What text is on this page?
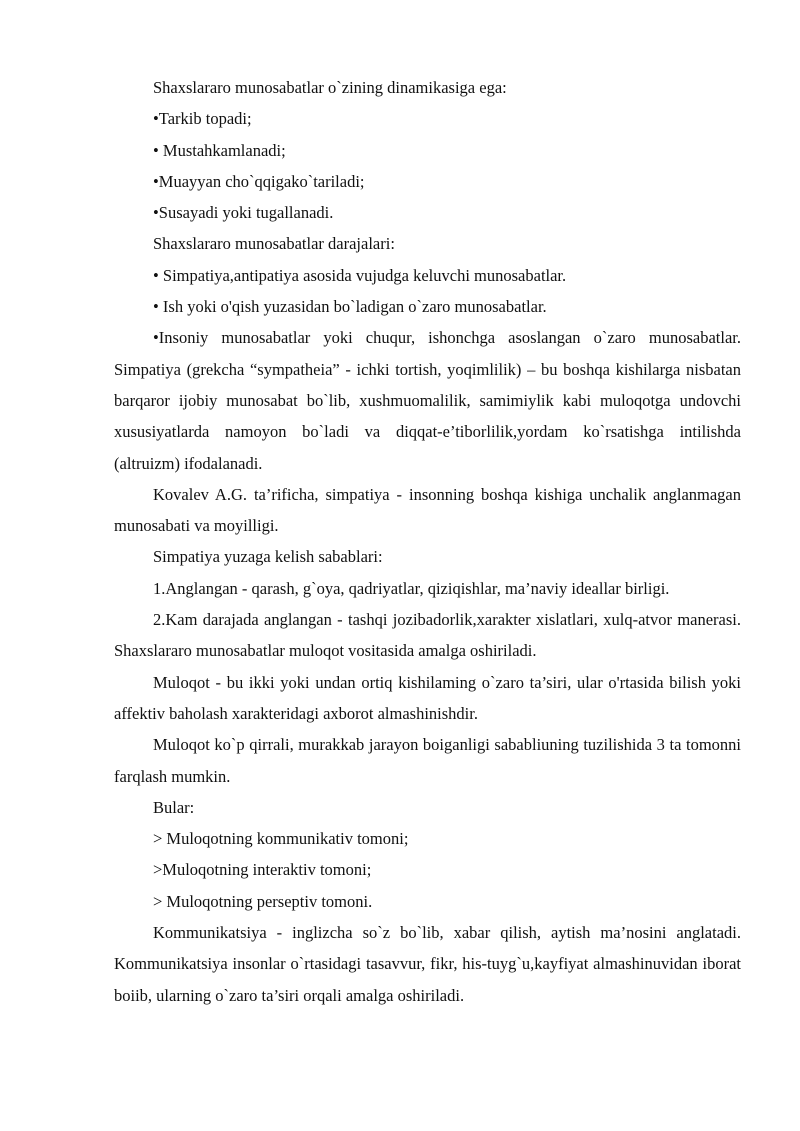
Shaxslararo munosabatlar o`zining dinamikasiga ega:

•Tarkib topadi;

• Mustahkamlanadi;

•Muayyan cho`qqigako`tariladi;

•Susayadi yoki tugallanadi.

Shaxslararo munosabatlar darajalari:

• Simpatiya,antipatiya asosida vujudga keluvchi munosabatlar.

• Ish yoki o'qish yuzasidan bo`ladigan o`zaro munosabatlar.

•Insoniy munosabatlar yoki chuqur, ishonchga asoslangan o`zaro munosabatlar. Simpatiya (grekcha “sympatheia” - ichki tortish, yoqimlilik) – bu boshqa kishilarga nisbatan barqaror ijobiy munosabat bo`lib, xushmuomalilik, samimiylik kabi muloqotga undovchi xususiyatlarda namoyon bo`ladi va diqqat-e’tiborlilik,yordam ko`rsatishga intilishda (altruizm) ifodalanadi.

Kovalev A.G. ta’rificha, simpatiya - insonning boshqa kishiga unchalik anglanmagan munosabati va moyilligi.

Simpatiya yuzaga kelish sabablari:

1.Anglangan - qarash, g`oya, qadriyatlar, qiziqishlar, ma’naviy ideallar birligi.

2.Kam darajada anglangan - tashqi jozibadorlik,xarakter xislatlari, xulq-atvor manerasi. Shaxslararo munosabatlar muloqot vositasida amalga oshiriladi.

Muloqot - bu ikki yoki undan ortiq kishilaming o`zaro ta’siri, ular o'rtasida bilish yoki affektiv baholash xarakteridagi axborot almashinishdir.

Muloqot ko`p qirrali, murakkab jarayon boiganligi sababliuning tuzilishida 3 ta tomonni farqlash mumkin.

Bular:

> Muloqotning kommunikativ tomoni;

>Muloqotning interaktiv tomoni;

> Muloqotning perseptiv tomoni.

Kommunikatsiya - inglizcha so`z bo`lib, xabar qilish, aytish ma’nosini anglatadi. Kommunikatsiya insonlar o`rtasidagi tasavvur, fikr, his-tuyg`u,kayfiyat almashinuvidan iborat boiib, ularning o`zaro ta’siri orqali amalga oshiriladi.
